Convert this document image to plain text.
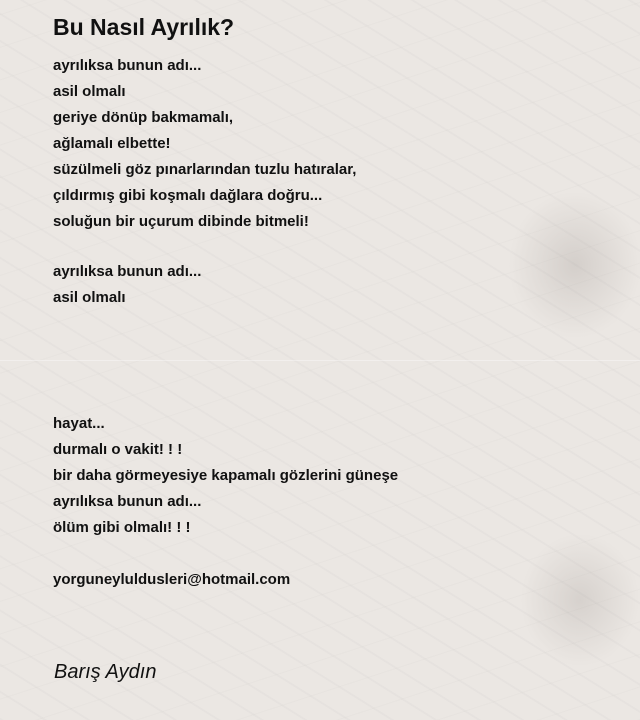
Bu Nasıl Ayrılık?
ayrılıksa bunun adı...
asil olmalı
geriye dönüp bakmamalı,
ağlamalı elbette!
süzülmeli göz pınarlarından tuzlu hatıralar,
çıldırmış gibi koşmalı dağlara doğru...
soluğun bir uçurum dibinde bitmeli!
ayrılıksa bunun adı...
asil olmalı
hayat...
durmalı o vakit! ! !
bir daha görmeyesiye kapamalı gözlerini güneşe
ayrılıksa bunun adı...
ölüm gibi olmalı! ! !
yorguneyluldusleri@hotmail.com

Barış Aydın
